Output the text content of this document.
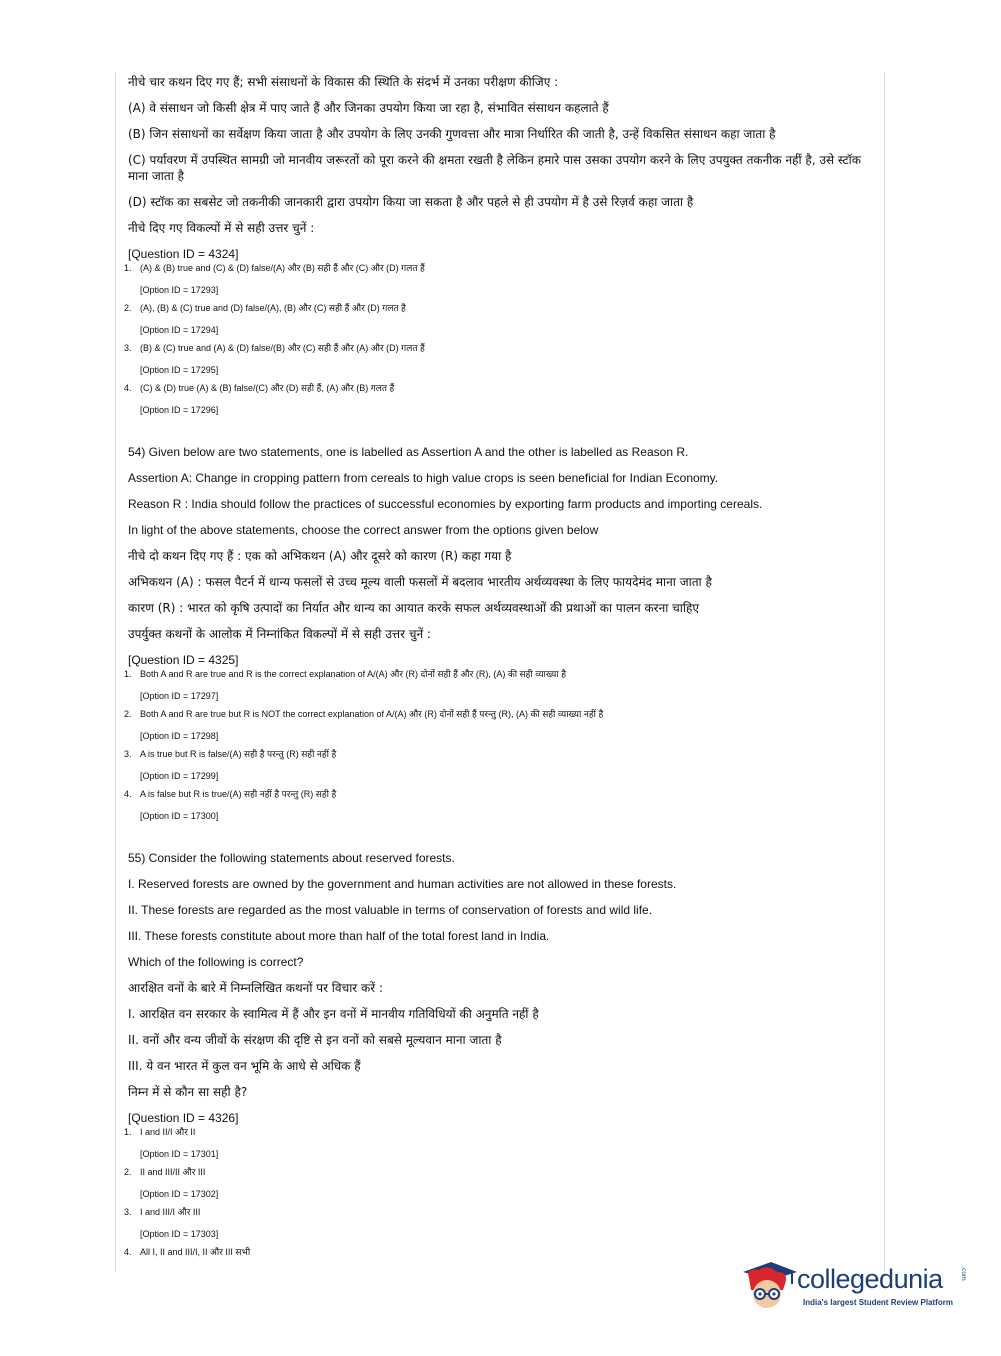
नीचे चार कथन दिए गए हैं; सभी संसाधनों के विकास की स्थिति के संदर्भ में उनका परीक्षण कीजिए :

(A) वे संसाधन जो किसी क्षेत्र में पाए जाते हैं और जिनका उपयोग किया जा रहा है, संभावित संसाधन कहलाते हैं

(B) जिन संसाधनों का सर्वेक्षण किया जाता है और उपयोग के लिए उनकी गुणवत्ता और मात्रा निर्धारित की जाती है, उन्हें विकसित संसाधन कहा जाता है

(C) पर्यावरण में उपस्थित सामग्री जो मानवीय जरूरतों को पूरा करने की क्षमता रखती है लेकिन हमारे पास उसका उपयोग करने के लिए उपयुक्त तकनीक नहीं है, उसे स्टॉक माना जाता है

(D) स्टॉक का सबसेट जो तकनीकी जानकारी द्वारा उपयोग किया जा सकता है और पहले से ही उपयोग में है उसे रिज़र्व कहा जाता है

नीचे दिए गए विकल्पों में से सही उत्तर चुनें :

[Question ID = 4324]
1. (A) & (B) true and (C) & (D) false/(A) और (B) सही हैं और (C) और (D) गलत हैं
[Option ID = 17293]
2. (A), (B) & (C) true and (D) false/(A), (B) और (C) सही हैं और (D) गलत है
[Option ID = 17294]
3. (B) & (C) true and (A) & (D) false/(B) और (C) सही हैं और (A) और (D) गलत हैं
[Option ID = 17295]
4. (C) & (D) true (A) & (B) false/(C) और (D) सही हैं, (A) और (B) गलत हैं
[Option ID = 17296]

54) Given below are two statements, one is labelled as Assertion A and the other is labelled as Reason R.

Assertion A: Change in cropping pattern from cereals to high value crops is seen beneficial for Indian Economy.

Reason R : India should follow the practices of successful economies by exporting farm products and importing cereals.

In light of the above statements, choose the correct answer from the options given below

नीचे दो कथन दिए गए हैं : एक को अभिकथन (A) और दूसरे को कारण (R) कहा गया है

अभिकथन (A) : फसल पैटर्न में धान्य फसलों से उच्च मूल्य वाली फसलों में बदलाव भारतीय अर्थव्यवस्था के लिए फायदेमंद माना जाता है

कारण (R) : भारत को कृषि उत्पादों का निर्यात और धान्य का आयात करके सफल अर्थव्यवस्थाओं की प्रथाओं का पालन करना चाहिए

उपर्युक्त कथनों के आलोक में निम्नांकित विकल्पों में से सही उत्तर चुनें :

[Question ID = 4325]
1. Both A and R are true and R is the correct explanation of A/(A) और (R) दोनों सही हैं और (R), (A) की सही व्याख्या है
[Option ID = 17297]
2. Both A and R are true but R is NOT the correct explanation of A/(A) और (R) दोनों सही हैं परन्तु (R), (A) की सही व्याख्या नहीं है
[Option ID = 17298]
3. A is true but R is false/(A) सही है परन्तु (R) सही नहीं है
[Option ID = 17299]
4. A is false but R is true/(A) सही नहीं है परन्तु (R) सही है
[Option ID = 17300]

55) Consider the following statements about reserved forests.

I. Reserved forests are owned by the government and human activities are not allowed in these forests.

II. These forests are regarded as the most valuable in terms of conservation of forests and wild life.

III. These forests constitute about more than half of the total forest land in India.

Which of the following is correct?

आरक्षित वनों के बारे में निम्नलिखित कथनों पर विचार करें :

I. आरक्षित वन सरकार के स्वामित्व में हैं और इन वनों में मानवीय गतिविधियों की अनुमति नहीं है

II. वनों और वन्य जीवों के संरक्षण की दृष्टि से इन वनों को सबसे मूल्यवान माना जाता है

III. ये वन भारत में कुल वन भूमि के आधे से अधिक हैं

निम्न में से कौन सा सही है?

[Question ID = 4326]
1. I and II/I और II
[Option ID = 17301]
2. II and III/II और III
[Option ID = 17302]
3. I and III/I और III
[Option ID = 17303]
4. All I, II and III/I, II और III सभी
collegedunia	.com
India's largest Student Review Platform
